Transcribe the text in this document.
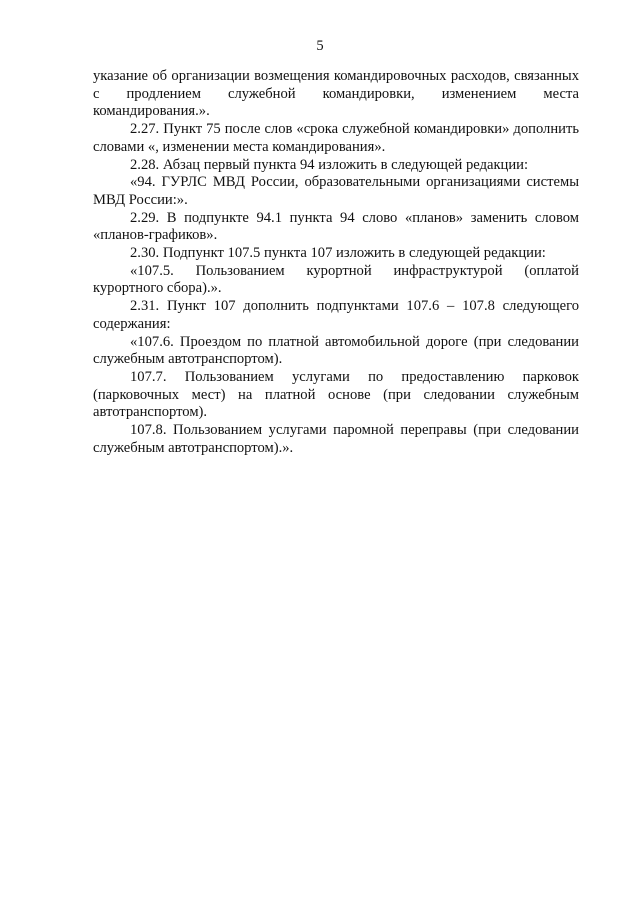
5

указание об организации возмещения командировочных расходов, связанных с продлением служебной командировки, изменением места командирования.».

2.27. Пункт 75 после слов «срока служебной командировки» дополнить словами «, изменении места командирования».

2.28. Абзац первый пункта 94 изложить в следующей редакции:

«94. ГУРЛС МВД России, образовательными организациями системы МВД России:».

2.29. В подпункте 94.1 пункта 94 слово «планов» заменить словом «планов-графиков».

2.30. Подпункт 107.5 пункта 107 изложить в следующей редакции:

«107.5. Пользованием курортной инфраструктурой (оплатой курортного сбора).».

2.31. Пункт 107 дополнить подпунктами 107.6 – 107.8 следующего содержания:

«107.6. Проездом по платной автомобильной дороге (при следовании служебным автотранспортом).

107.7. Пользованием услугами по предоставлению парковок (парковочных мест) на платной основе (при следовании служебным автотранспортом).

107.8. Пользованием услугами паромной переправы (при следовании служебным автотранспортом).».
